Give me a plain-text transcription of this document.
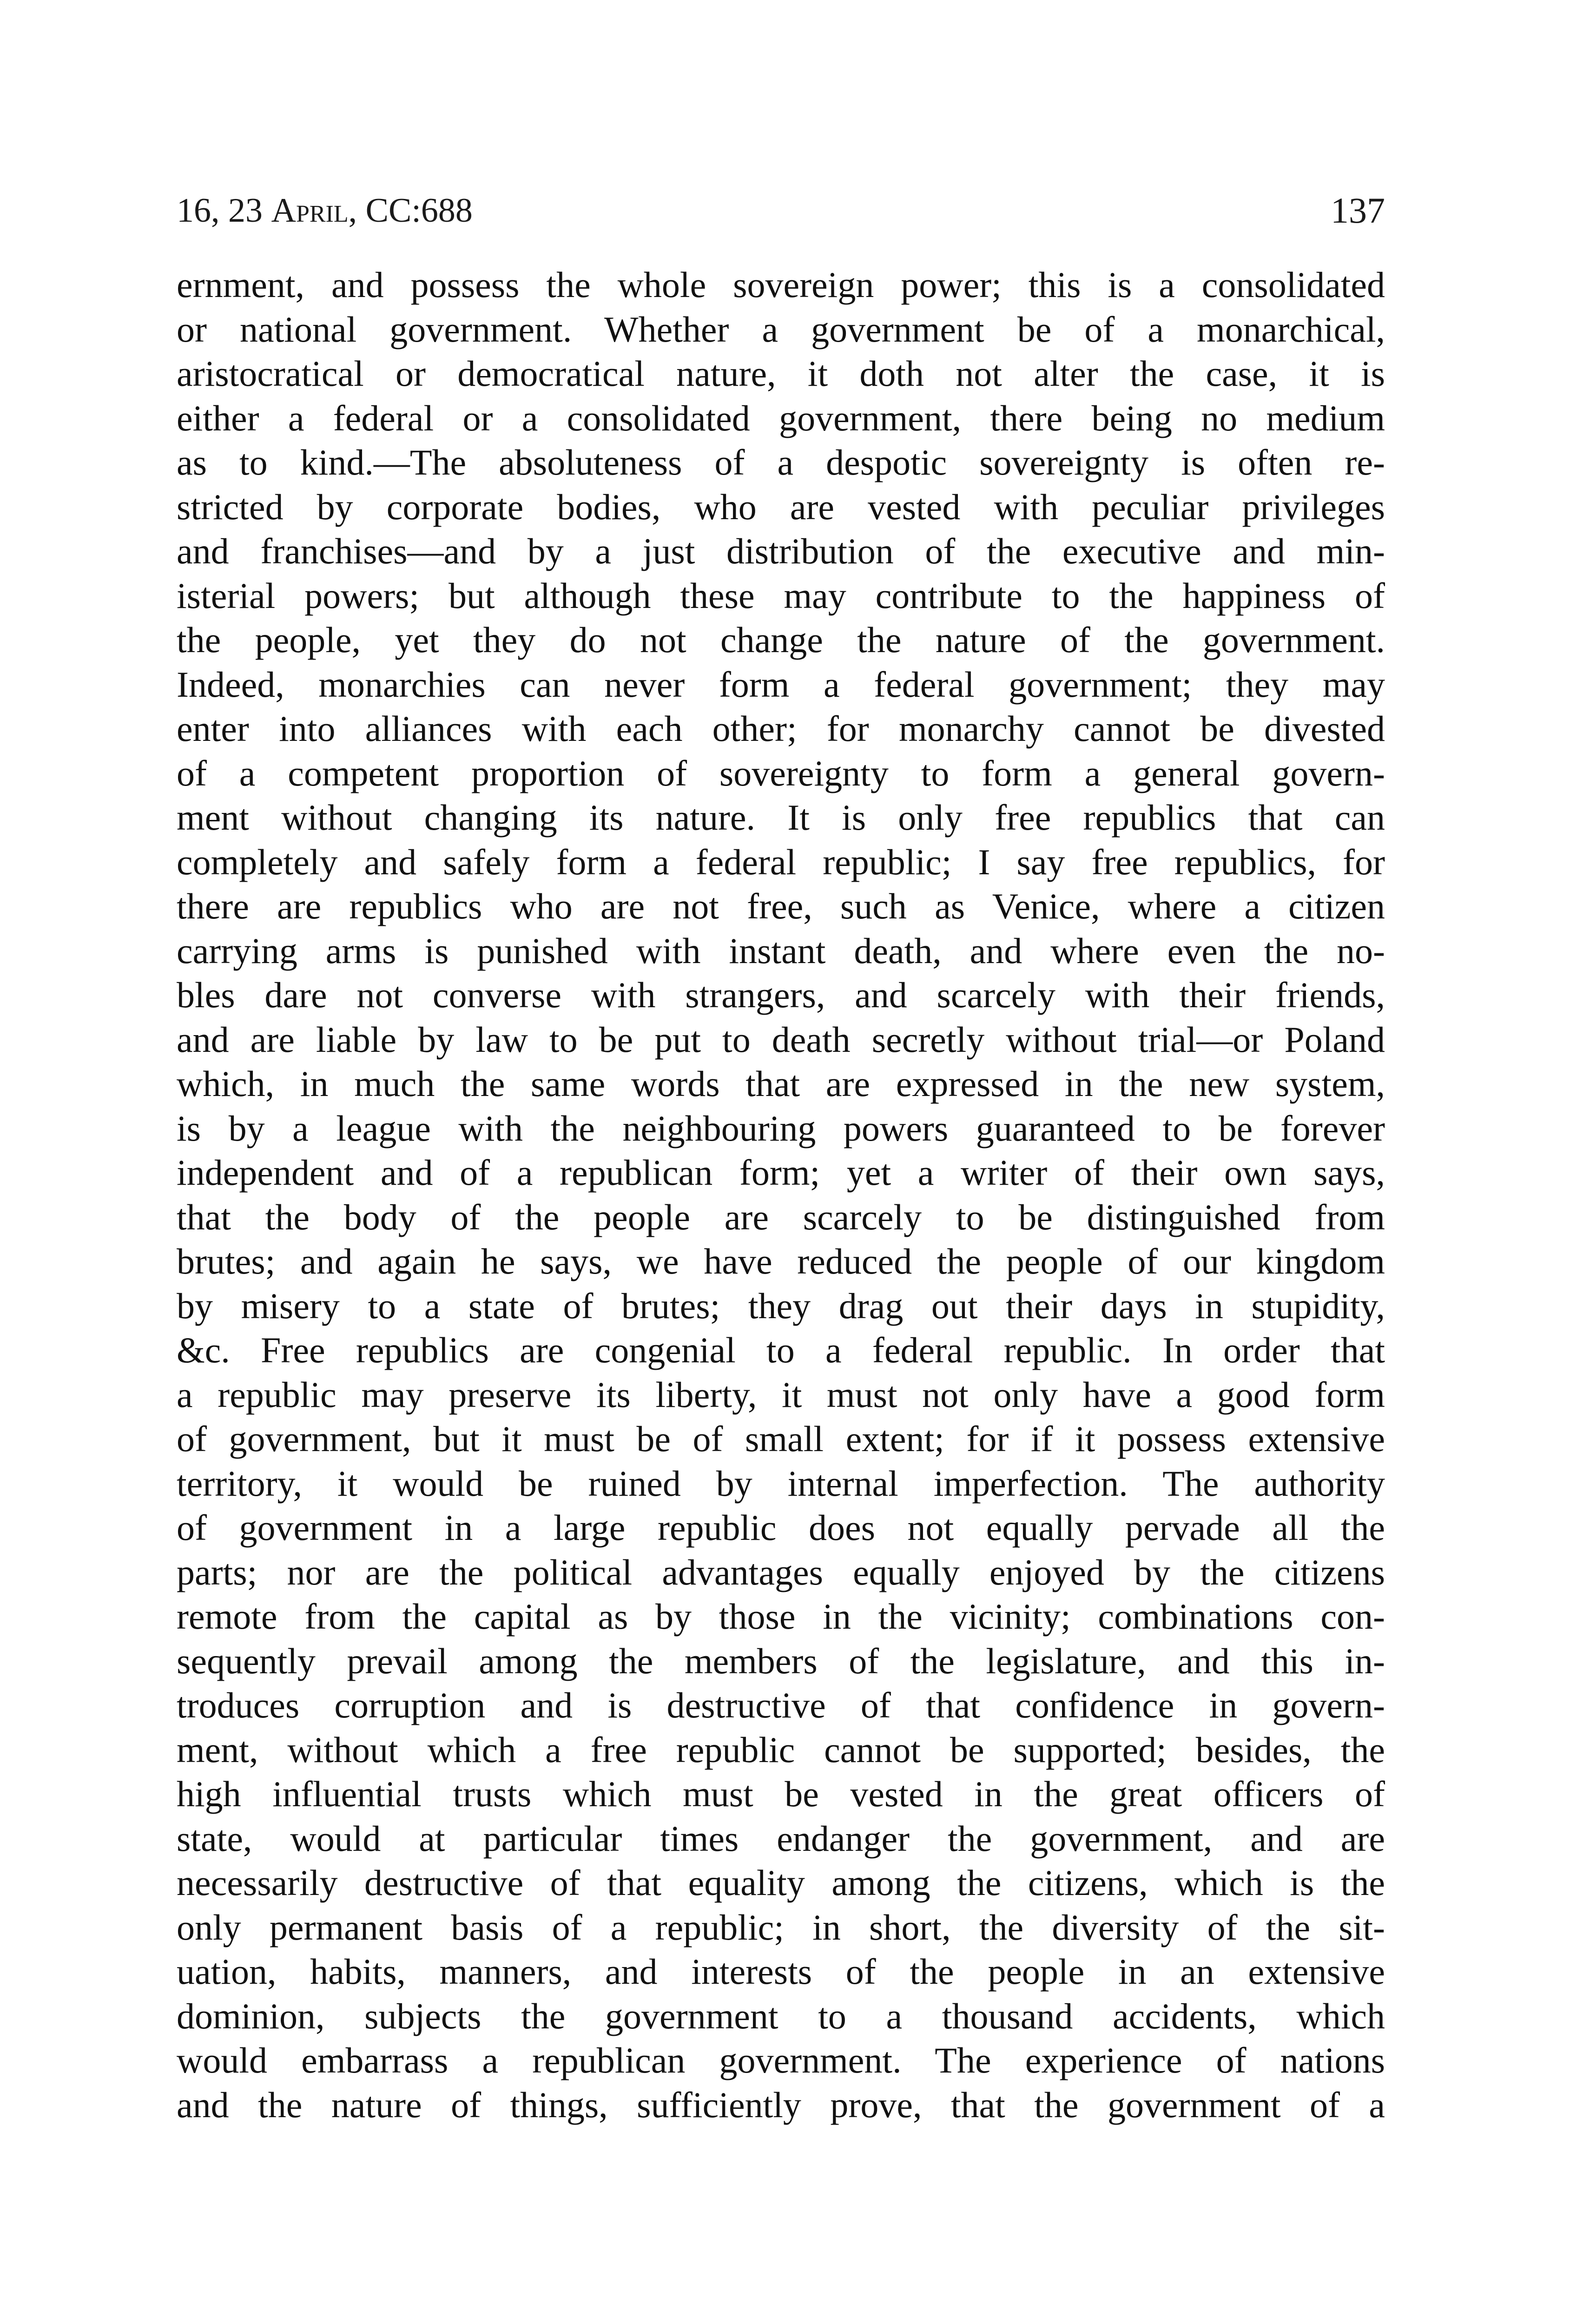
16, 23 April, CC:688	137
ernment, and possess the whole sovereign power; this is a consolidated
or national government. Whether a government be of a monarchical,
aristocratical or democratical nature, it doth not alter the case, it is
either a federal or a consolidated government, there being no medium
as to kind.—The absoluteness of a despotic sovereignty is often re-
stricted by corporate bodies, who are vested with peculiar privileges
and franchises—and by a just distribution of the executive and min-
isterial powers; but although these may contribute to the happiness of
the people, yet they do not change the nature of the government.
Indeed, monarchies can never form a federal government; they may
enter into alliances with each other; for monarchy cannot be divested
of a competent proportion of sovereignty to form a general govern-
ment without changing its nature. It is only free republics that can
completely and safely form a federal republic; I say free republics, for
there are republics who are not free, such as Venice, where a citizen
carrying arms is punished with instant death, and where even the no-
bles dare not converse with strangers, and scarcely with their friends,
and are liable by law to be put to death secretly without trial—or Poland
which, in much the same words that are expressed in the new system,
is by a league with the neighbouring powers guaranteed to be forever
independent and of a republican form; yet a writer of their own says,
that the body of the people are scarcely to be distinguished from
brutes; and again he says, we have reduced the people of our kingdom
by misery to a state of brutes; they drag out their days in stupidity,
&c. Free republics are congenial to a federal republic. In order that
a republic may preserve its liberty, it must not only have a good form
of government, but it must be of small extent; for if it possess extensive
territory, it would be ruined by internal imperfection. The authority
of government in a large republic does not equally pervade all the
parts; nor are the political advantages equally enjoyed by the citizens
remote from the capital as by those in the vicinity; combinations con-
sequently prevail among the members of the legislature, and this in-
troduces corruption and is destructive of that confidence in govern-
ment, without which a free republic cannot be supported; besides, the
high influential trusts which must be vested in the great officers of
state, would at particular times endanger the government, and are
necessarily destructive of that equality among the citizens, which is the
only permanent basis of a republic; in short, the diversity of the sit-
uation, habits, manners, and interests of the people in an extensive
dominion, subjects the government to a thousand accidents, which
would embarrass a republican government. The experience of nations
and the nature of things, sufficiently prove, that the government of a
